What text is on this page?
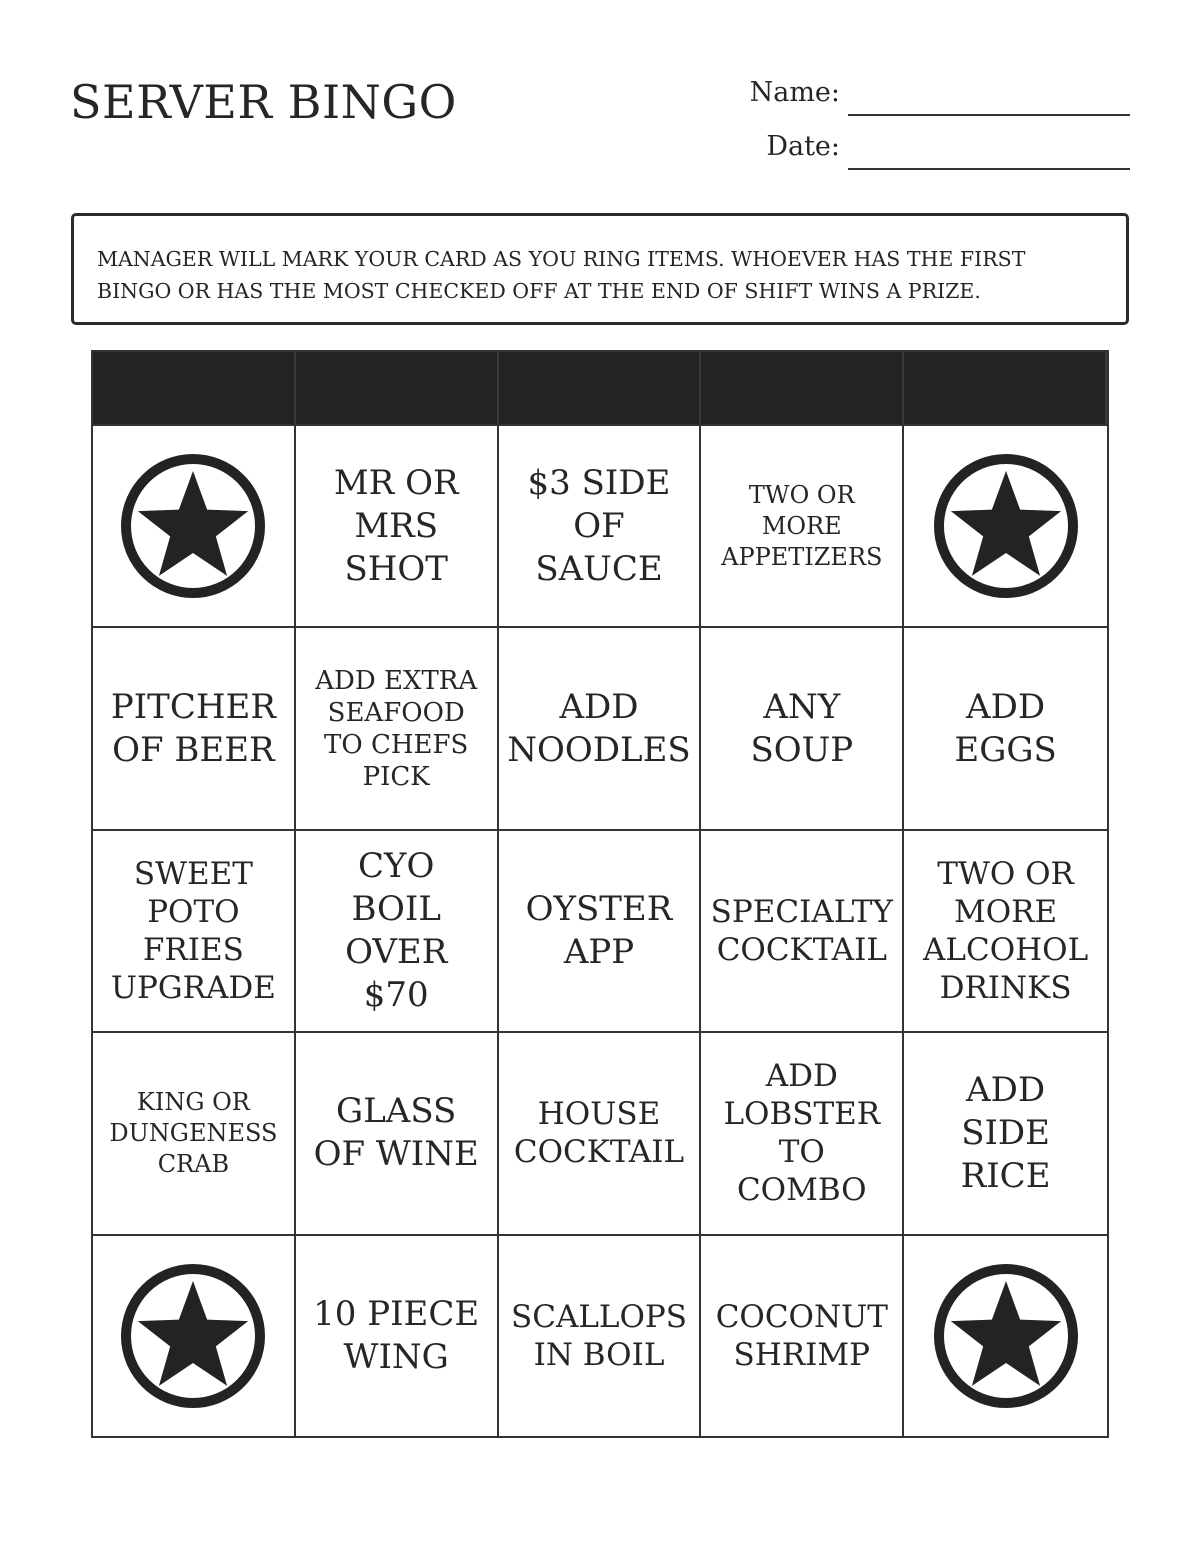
SERVER BINGO	Name:
Date:
MANAGER WILL MARK YOUR CARD AS YOU RING ITEMS. WHOEVER HAS THE FIRST BINGO OR HAS THE MOST CHECKED OFF AT THE END OF SHIFT WINS A PRIZE.
MR OR MRS SHOT
$3 SIDE OF SAUCE
TWO OR MORE APPETIZERS
PITCHER OF BEER
ADD EXTRA SEAFOOD TO CHEFS PICK
ADD NOODLES
ANY SOUP
ADD EGGS
SWEET POTO FRIES UPGRADE
CYO BOIL OVER $70
OYSTER APP
SPECIALTY COCKTAIL
TWO OR MORE ALCOHOL DRINKS
KING OR DUNGENESS CRAB
GLASS OF WINE
HOUSE COCKTAIL
ADD LOBSTER TO COMBO
ADD SIDE RICE
10 PIECE WING
SCALLOPS IN BOIL
COCONUT SHRIMP
